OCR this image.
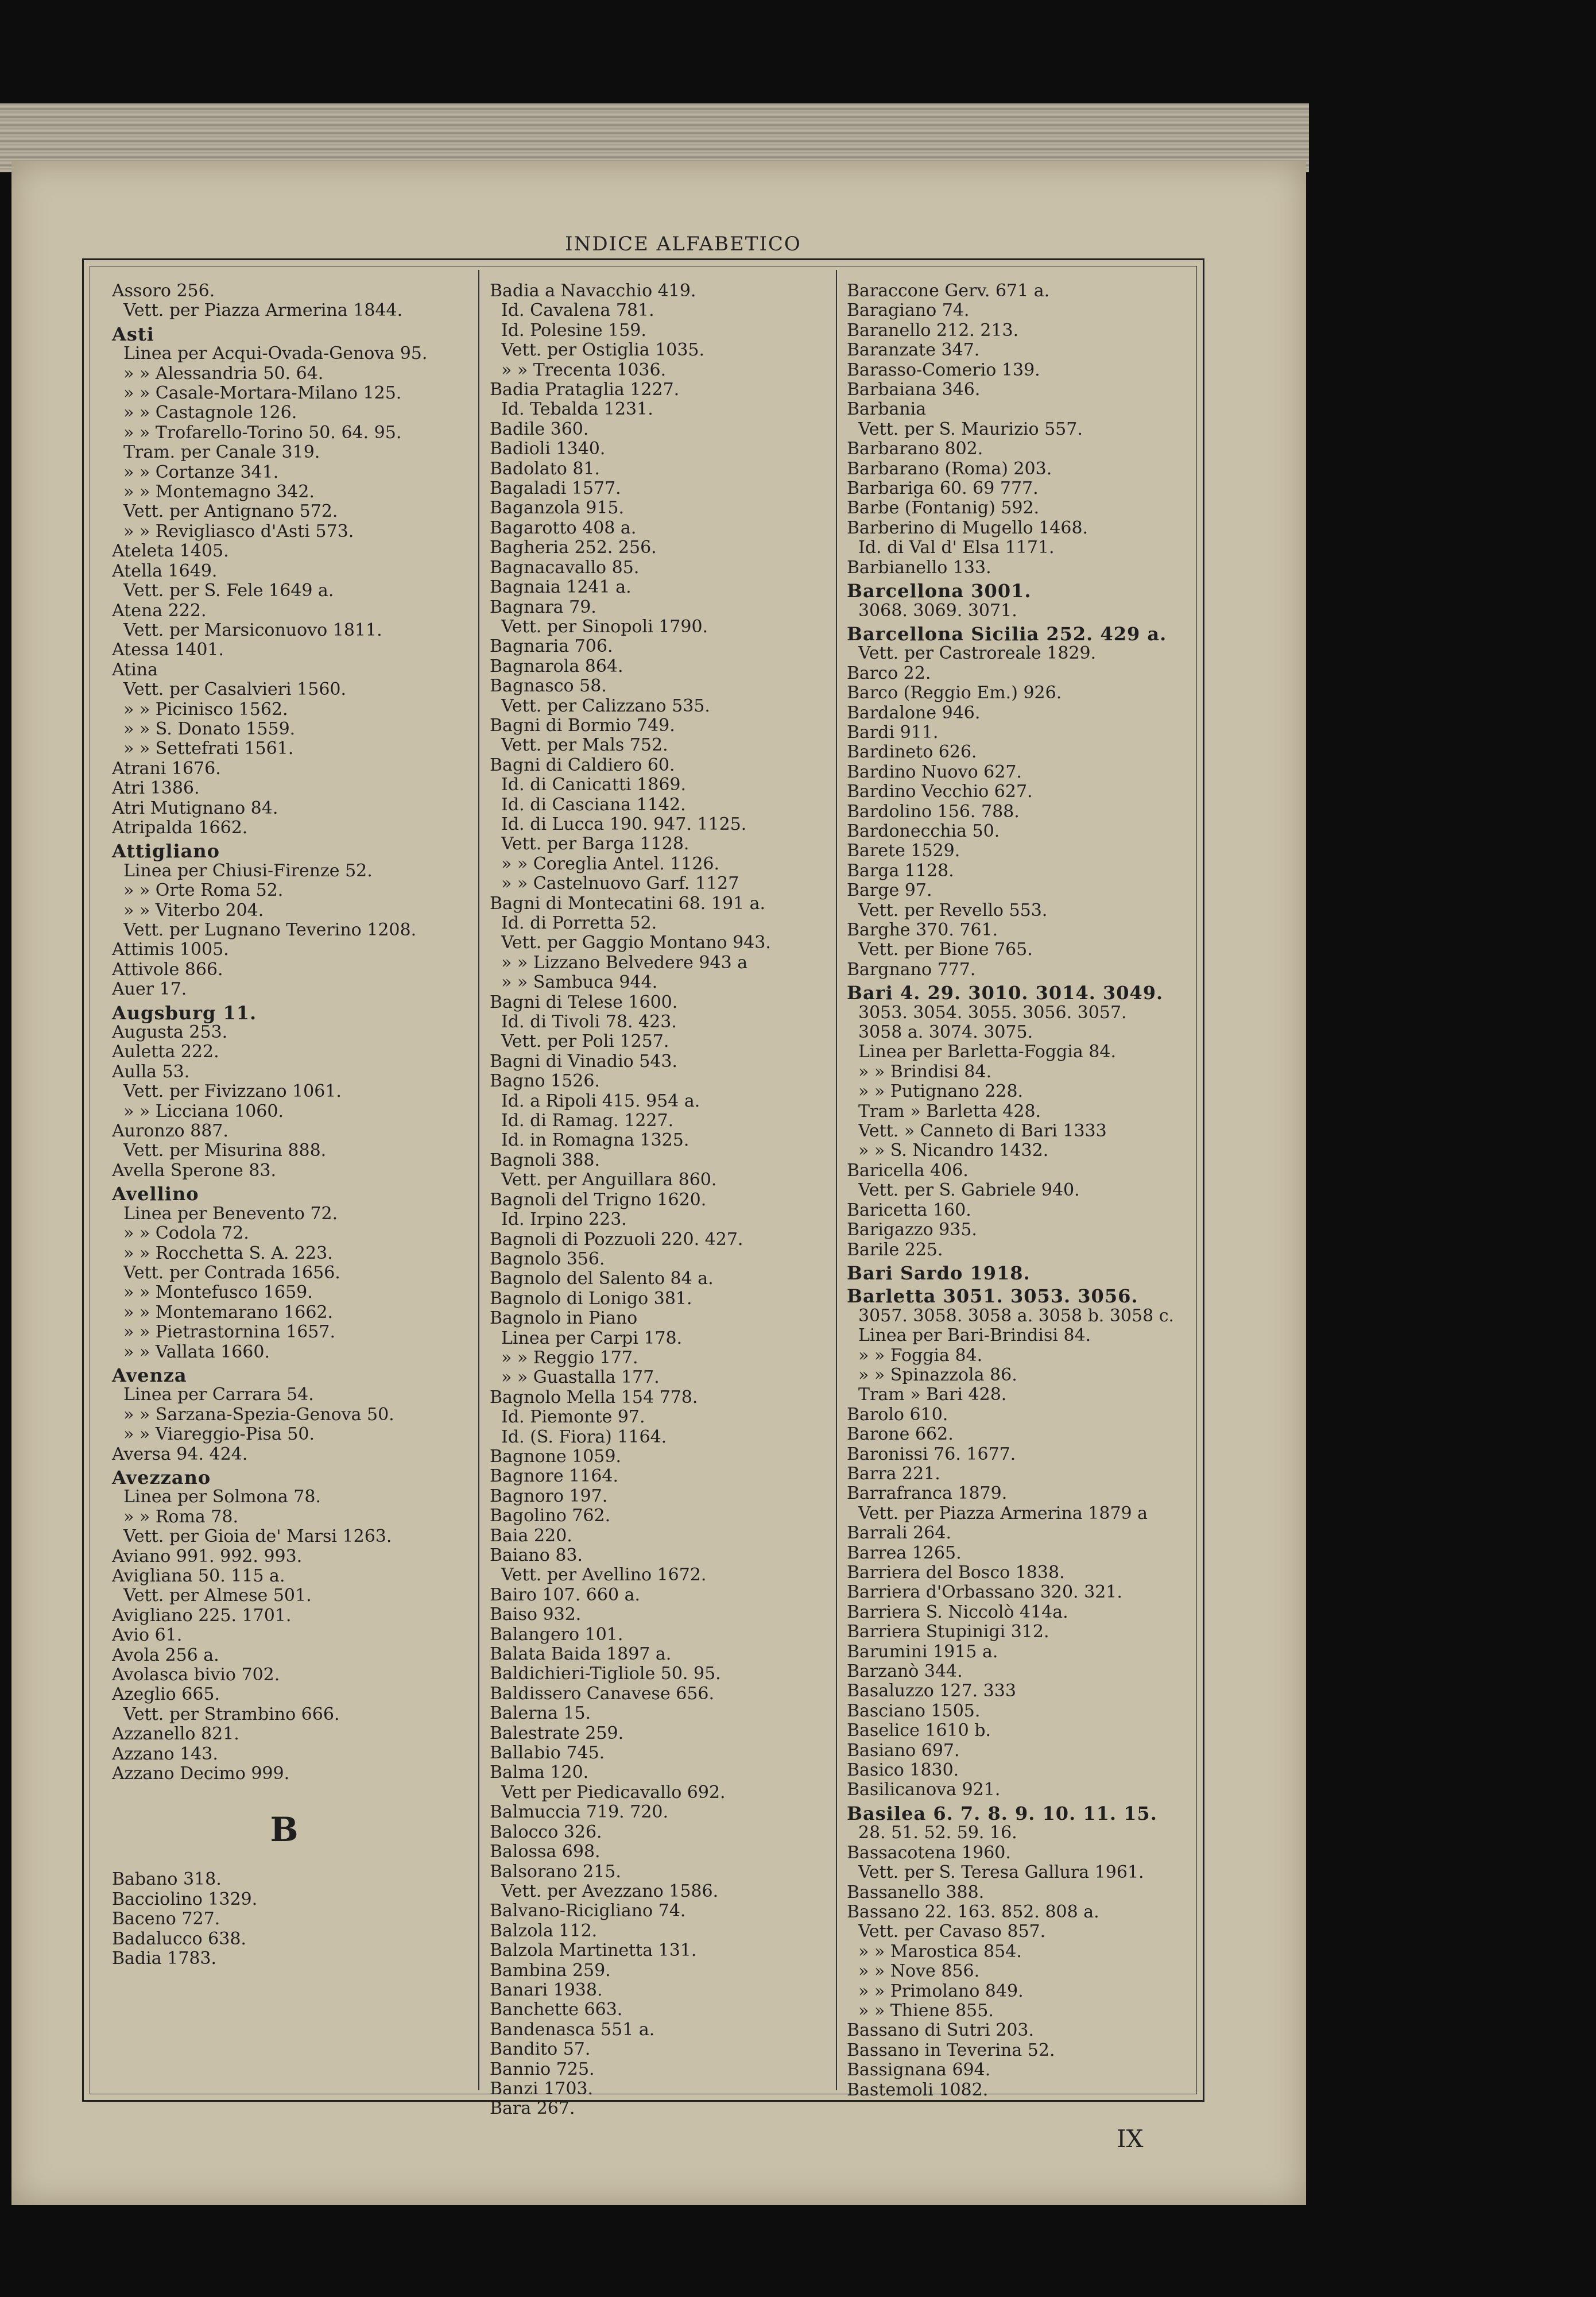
INDICE ALFABETICO
Assoro 256.
Vett. per Piazza Armerina 1844.
Asti
Linea per Acqui-Ovada-Genova 95.
» » Alessandria 50. 64.
» » Casale-Mortara-Milano 125.
» » Castagnole 126.
» » Trofarello-Torino 50. 64. 95.
Tram. per Canale 319.
» » Cortanze 341.
» » Montemagno 342.
Vett. per Antignano 572.
» » Revigliasco d'Asti 573.
Ateleta 1405.
Atella 1649.
Vett. per S. Fele 1649 a.
Atena 222.
Vett. per Marsiconuovo 1811.
Atessa 1401.
Atina
Vett. per Casalvieri 1560.
» » Picinisco 1562.
» » S. Donato 1559.
» » Settefrati 1561.
Atrani 1676.
Atri 1386.
Atri Mutignano 84.
Atripalda 1662.
Attigliano
Linea per Chiusi-Firenze 52.
» » Orte Roma 52.
» » Viterbo 204.
Vett. per Lugnano Teverino 1208.
Attimis 1005.
Attivole 866.
Auer 17.
Augsburg 11.
Augusta 253.
Auletta 222.
Aulla 53.
Vett. per Fivizzano 1061.
» » Licciana 1060.
Auronzo 887.
Vett. per Misurina 888.
Avella Sperone 83.
Avellino
Linea per Benevento 72.
» » Codola 72.
» » Rocchetta S. A. 223.
Vett. per Contrada 1656.
» » Montefusco 1659.
» » Montemarano 1662.
» » Pietrastornina 1657.
» » Vallata 1660.
Avenza
Linea per Carrara 54.
» » Sarzana-Spezia-Genova 50.
» » Viareggio-Pisa 50.
Aversa 94. 424.
Avezzano
Linea per Solmona 78.
» » Roma 78.
Vett. per Gioia de' Marsi 1263.
Aviano 991. 992. 993.
Avigliana 50. 115 a.
Vett. per Almese 501.
Avigliano 225. 1701.
Avio 61.
Avola 256 a.
Avolasca bivio 702.
Azeglio 665.
Vett. per Strambino 666.
Azzanello 821.
Azzano 143.
Azzano Decimo 999.
B
Babano 318.
Bacciolino 1329.
Baceno 727.
Badalucco 638.
Badia 1783.
Badia a Navacchio 419.
Id. Cavalena 781.
Id. Polesine 159.
Vett. per Ostiglia 1035.
» » Trecenta 1036.
Badia Prataglia 1227.
Id. Tebalda 1231.
Badile 360.
Badioli 1340.
Badolato 81.
Bagaladi 1577.
Baganzola 915.
Bagarotto 408 a.
Bagheria 252. 256.
Bagnacavallo 85.
Bagnaia 1241 a.
Bagnara 79.
Vett. per Sinopoli 1790.
Bagnaria 706.
Bagnarola 864.
Bagnasco 58.
Vett. per Calizzano 535.
Bagni di Bormio 749.
Vett. per Mals 752.
Bagni di Caldiero 60.
Id. di Canicatti 1869.
Id. di Casciana 1142.
Id. di Lucca 190. 947. 1125.
Vett. per Barga 1128.
» » Coreglia Antel. 1126.
» » Castelnuovo Garf. 1127
Bagni di Montecatini 68. 191 a.
Id. di Porretta 52.
Vett. per Gaggio Montano 943.
» » Lizzano Belvedere 943 a
» » Sambuca 944.
Bagni di Telese 1600.
Id. di Tivoli 78. 423.
Vett. per Poli 1257.
Bagni di Vinadio 543.
Bagno 1526.
Id. a Ripoli 415. 954 a.
Id. di Ramag. 1227.
Id. in Romagna 1325.
Bagnoli 388.
Vett. per Anguillara 860.
Bagnoli del Trigno 1620.
Id. Irpino 223.
Bagnoli di Pozzuoli 220. 427.
Bagnolo 356.
Bagnolo del Salento 84 a.
Bagnolo di Lonigo 381.
Bagnolo in Piano
Linea per Carpi 178.
» » Reggio 177.
» » Guastalla 177.
Bagnolo Mella 154 778.
Id. Piemonte 97.
Id. (S. Fiora) 1164.
Bagnone 1059.
Bagnore 1164.
Bagnoro 197.
Bagolino 762.
Baia 220.
Baiano 83.
Vett. per Avellino 1672.
Bairo 107. 660 a.
Baiso 932.
Balangero 101.
Balata Baida 1897 a.
Baldichieri-Tigliole 50. 95.
Baldissero Canavese 656.
Balerna 15.
Balestrate 259.
Ballabio 745.
Balma 120.
Vett per Piedicavallo 692.
Balmuccia 719. 720.
Balocco 326.
Balossa 698.
Balsorano 215.
Vett. per Avezzano 1586.
Balvano-Ricigliano 74.
Balzola 112.
Balzola Martinetta 131.
Bambina 259.
Banari 1938.
Banchette 663.
Bandenasca 551 a.
Bandito 57.
Bannio 725.
Banzi 1703.
Bara 267.
Baraccone Gerv. 671 a.
Baragiano 74.
Baranello 212. 213.
Baranzate 347.
Barasso-Comerio 139.
Barbaiana 346.
Barbania
Vett. per S. Maurizio 557.
Barbarano 802.
Barbarano (Roma) 203.
Barbariga 60. 69 777.
Barbe (Fontanig) 592.
Barberino di Mugello 1468.
Id. di Val d' Elsa 1171.
Barbianello 133.
Barcellona 3001.
3068. 3069. 3071.
Barcellona Sicilia 252. 429 a.
Vett. per Castroreale 1829.
Barco 22.
Barco (Reggio Em.) 926.
Bardalone 946.
Bardi 911.
Bardineto 626.
Bardino Nuovo 627.
Bardino Vecchio 627.
Bardolino 156. 788.
Bardonecchia 50.
Barete 1529.
Barga 1128.
Barge 97.
Vett. per Revello 553.
Barghe 370. 761.
Vett. per Bione 765.
Bargnano 777.
Bari 4. 29. 3010. 3014. 3049.
3053. 3054. 3055. 3056. 3057.
3058 a. 3074. 3075.
Linea per Barletta-Foggia 84.
» » Brindisi 84.
» » Putignano 228.
Tram » Barletta 428.
Vett. » Canneto di Bari 1333
» » S. Nicandro 1432.
Baricella 406.
Vett. per S. Gabriele 940.
Baricetta 160.
Barigazzo 935.
Barile 225.
Bari Sardo 1918.
Barletta 3051. 3053. 3056.
3057. 3058. 3058 a. 3058 b. 3058 c.
Linea per Bari-Brindisi 84.
» » Foggia 84.
» » Spinazzola 86.
Tram » Bari 428.
Barolo 610.
Barone 662.
Baronissi 76. 1677.
Barra 221.
Barrafranca 1879.
Vett. per Piazza Armerina 1879 a
Barrali 264.
Barrea 1265.
Barriera del Bosco 1838.
Barriera d'Orbassano 320. 321.
Barriera S. Niccolò 414a.
Barriera Stupinigi 312.
Barumini 1915 a.
Barzanò 344.
Basaluzzo 127. 333
Basciano 1505.
Baselice 1610 b.
Basiano 697.
Basico 1830.
Basilicanova 921.
Basilea 6. 7. 8. 9. 10. 11. 15.
28. 51. 52. 59. 16.
Bassacotena 1960.
Vett. per S. Teresa Gallura 1961.
Bassanello 388.
Bassano 22. 163. 852. 808 a.
Vett. per Cavaso 857.
» » Marostica 854.
» » Nove 856.
» » Primolano 849.
» » Thiene 855.
Bassano di Sutri 203.
Bassano in Teverina 52.
Bassignana 694.
Bastemoli 1082.
IX
